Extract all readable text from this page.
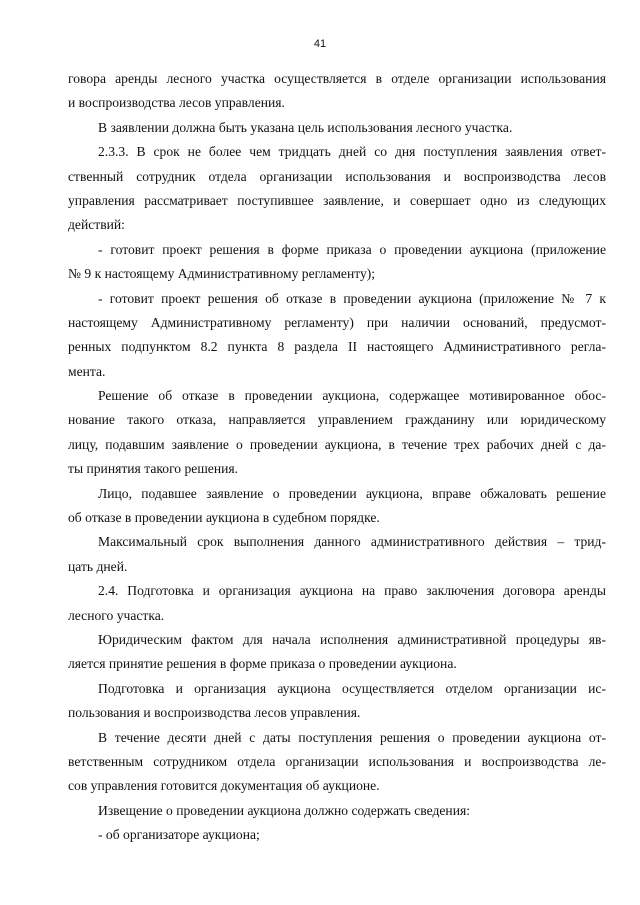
41
говора аренды лесного участка осуществляется в отделе организации использования
и воспроизводства лесов управления.
В заявлении должна быть указана цель использования лесного участка.
2.3.3. В срок не более чем тридцать дней со дня поступления заявления ответ-
ственный сотрудник отдела организации использования и воспроизводства лесов
управления рассматривает поступившее заявление, и совершает одно из следующих
действий:
- готовит проект решения в форме приказа о проведении аукциона (приложение
№ 9 к настоящему Административному регламенту);
- готовит проект решения об отказе в проведении аукциона (приложение № 7 к
настоящему Административному регламенту) при наличии оснований, предусмот-
ренных подпунктом 8.2 пункта 8 раздела II настоящего Административного регла-
мента.
Решение об отказе в проведении аукциона, содержащее мотивированное обос-
нование такого отказа, направляется управлением гражданину или юридическому
лицу, подавшим заявление о проведении аукциона, в течение трех рабочих дней с да-
ты принятия такого решения.
Лицо, подавшее заявление о проведении аукциона, вправе обжаловать решение
об отказе в проведении аукциона в судебном порядке.
Максимальный срок выполнения данного административного действия – трид-
цать дней.
2.4. Подготовка и организация аукциона на право заключения договора аренды
лесного участка.
Юридическим фактом для начала исполнения административной процедуры яв-
ляется принятие решения в форме приказа о проведении аукциона.
Подготовка и организация аукциона осуществляется отделом организации ис-
пользования и воспроизводства лесов управления.
В течение десяти дней с даты поступления решения о проведении аукциона от-
ветственным сотрудником отдела организации использования и воспроизводства ле-
сов управления готовится документация об аукционе.
Извещение о проведении аукциона должно содержать сведения:
- об организаторе аукциона;
